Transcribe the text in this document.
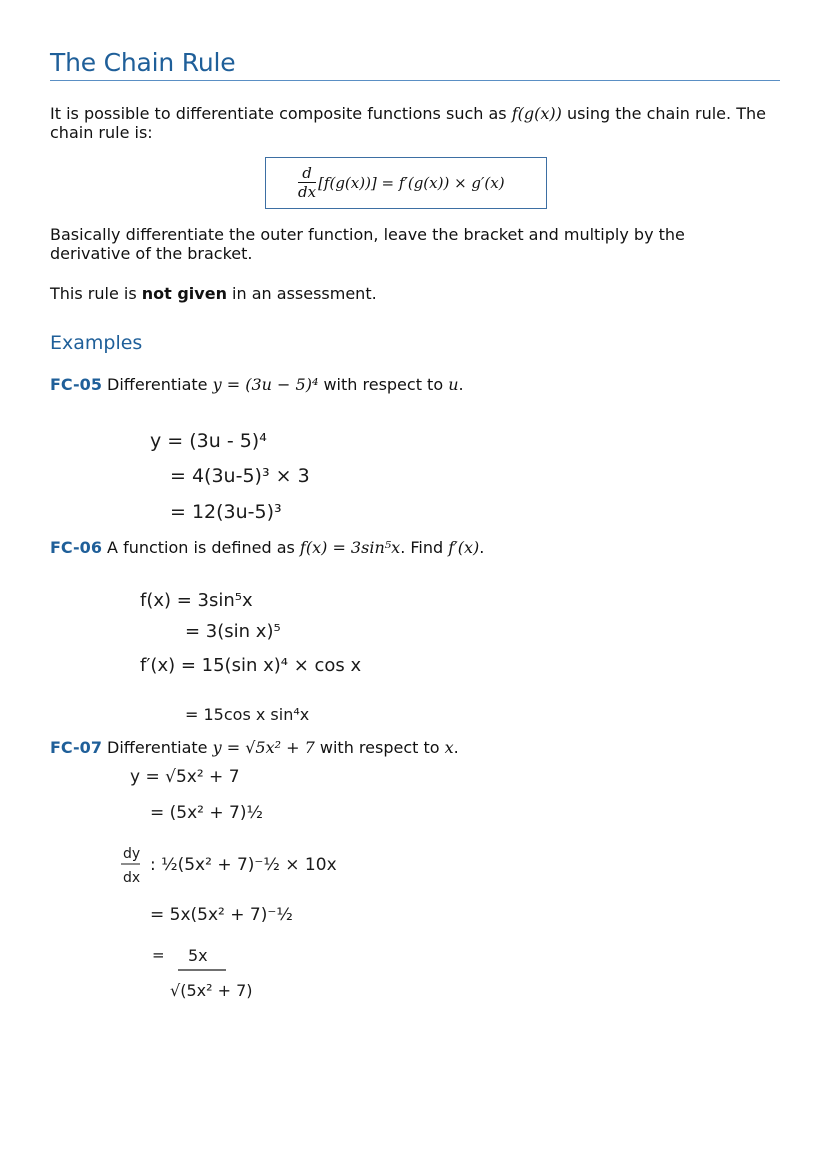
The Chain Rule
It is possible to differentiate composite functions such as f(g(x)) using the chain rule. The chain rule is:
$\frac{d}{dx} [f(g(x))] = f'(g(x)) \times g'(x)$
Basically differentiate the outer function, leave the bracket and multiply by the derivative of the bracket.
This rule is not given in an assessment.
Examples
FC-05 Differentiate y = (3u − 5)⁴ with respect to u.
FC-06 A function is defined as f(x) = 3sin⁵x. Find f′(x).
FC-07 Differentiate y = √5x² + 7 with respect to x.
y = (3u - 5)⁴
= 4(3u-5)³ × 3
= 12(3u-5)³
f(x) = 3sin⁵x
= 3(sin x)⁵
f′(x) = 15(sin x)⁴ × cos x
= 15cos x sin⁴x
y = √5x² + 7
= (5x² + 7)½
dy
dx
: ½(5x² + 7)⁻½ × 10x
= 5x(5x² + 7)⁻½
= 5x
√(5x² + 7)
